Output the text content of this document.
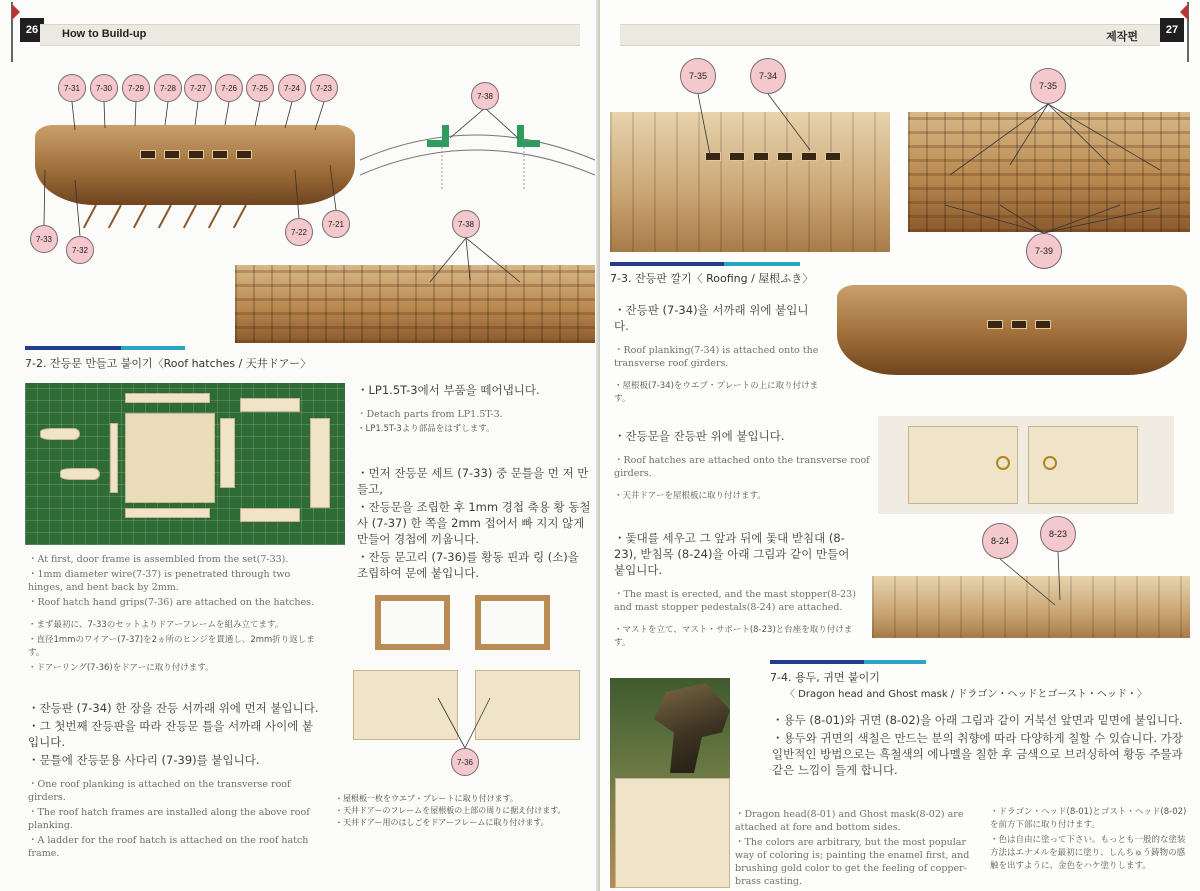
26	How to Build-up
7-31	7-30	7-29	7-28	7-27	7-26	7-25	7-24	7-23
7-33
7-32
7-22
7-21
7-38
7-38
7-2. 잔등문 만들고 붙이기〈Roof hatches / 天井ドアー〉

・LP1.5T-3에서 부품을 떼어냅니다.

・Detach parts from LP1.5T-3.

・LP1.5T-3より部品をはずします。

・먼저 잔등문 세트 (7-33) 중 문틀을 먼 저 만들고,

・잔등문을 조립한 후 1mm 경첩 축용 황 동철사 (7-37) 한 쪽을 2mm 접어서 빠 지지 않게 만들어 경첩에 끼웁니다.

・잔등 문고리 (7-36)를 황동 핀과 링 (소)을 조립하여 문에 붙입니다.

・At first, door frame is assembled from the set(7-33).

・1mm diameter wire(7-37) is penetrated through two hinges, and bent back by 2mm.

・Roof hatch hand grips(7-36) are attached on the hatches.

・まず最初に、7-33のセットよりドアーフレームを組み立てます。

・直径1mmのワイアー(7-37)を2ヵ所のヒンジを貫通し、2mm折り返します。

・ドアーリング(7-36)をドアーに取り付けます。

・잔등판 (7-34) 한 장을 잔등 서까래 위에 먼저 붙입니다.

・그 첫번째 잔등판을 따라 잔등문 틀을 서까래 사이에 붙입니다.

・문틀에 잔등문용 사다리 (7-39)를 붙입니다.

・One roof planking is attached on the transverse roof girders.

・The roof hatch frames are installed along the above roof planking.

・A ladder for the roof hatch is attached on the roof hatch frame.

7-36

・屋根板一枚をウエブ・プレートに取り付けます。

・天井ドアーのフレームを屋根板の上部の周りに据え付けます。

・天井ドアー用のはしごをドアーフレームに取り付けます。

제작편
7-35	7-34
7-35
7-39
7-3. 잔등판 깔기〈 Roofing / 屋根ふき〉

・잔등판 (7-34)을 서까래 위에 붙입니다.

・Roof planking(7-34) is attached onto the transverse roof girders.

・屋根板(7-34)をウエブ・プレートの上に取り付けます。

・잔등문을 잔등판 위에 붙입니다.

・Roof hatches are attached onto the transverse roof girders.

・天井ドアーを屋根板に取り付けます。

・돛대를 세우고 그 앞과 뒤에 돛대 받침대 (8-23), 받침목 (8-24)을 아래 그림과 같이 만들어 붙입니다.

・The mast is erected, and the mast stopper(8-23) and mast stopper pedestals(8-24) are attached.

・マストを立て、マスト・サポート(8-23)と台座を取り付けます。

8-24
8-23
7-4. 용두, 귀면 붙이기
〈 Dragon head and Ghost mask / ドラゴン・ヘッドとゴースト・ヘッド・〉

・용두 (8-01)와 귀면 (8-02)을 아래 그림과 같이 거북선 앞면과 밑면에 붙입니다.

・용두와 귀면의 색칠은 만드는 분의 취향에 따라 다양하게 칠할 수 있습니다. 가장 일반적인 방법으로는 흑철색의 에나멜을 칠한 후 금색으로 브러싱하여 황동 주물과 같은 느낌이 들게 합니다.

・Dragon head(8-01) and Ghost mask(8-02) are attached at fore and bottom sides.

・The colors are arbitrary, but the most popular way of coloring is; painting the enamel first, and brushing gold color to get the feeling of copper-brass casting.

・ドラゴン・ヘッド(8-01)とゴスト・ヘッド(8-02)を前方下部に取り付けます。

・色は自由に塗って下さい。もっとも一般的な塗装方法はエナメルを最初に塗り、しんちゅう鋳物の感触を出すように、金色をハケ塗りします。

27
